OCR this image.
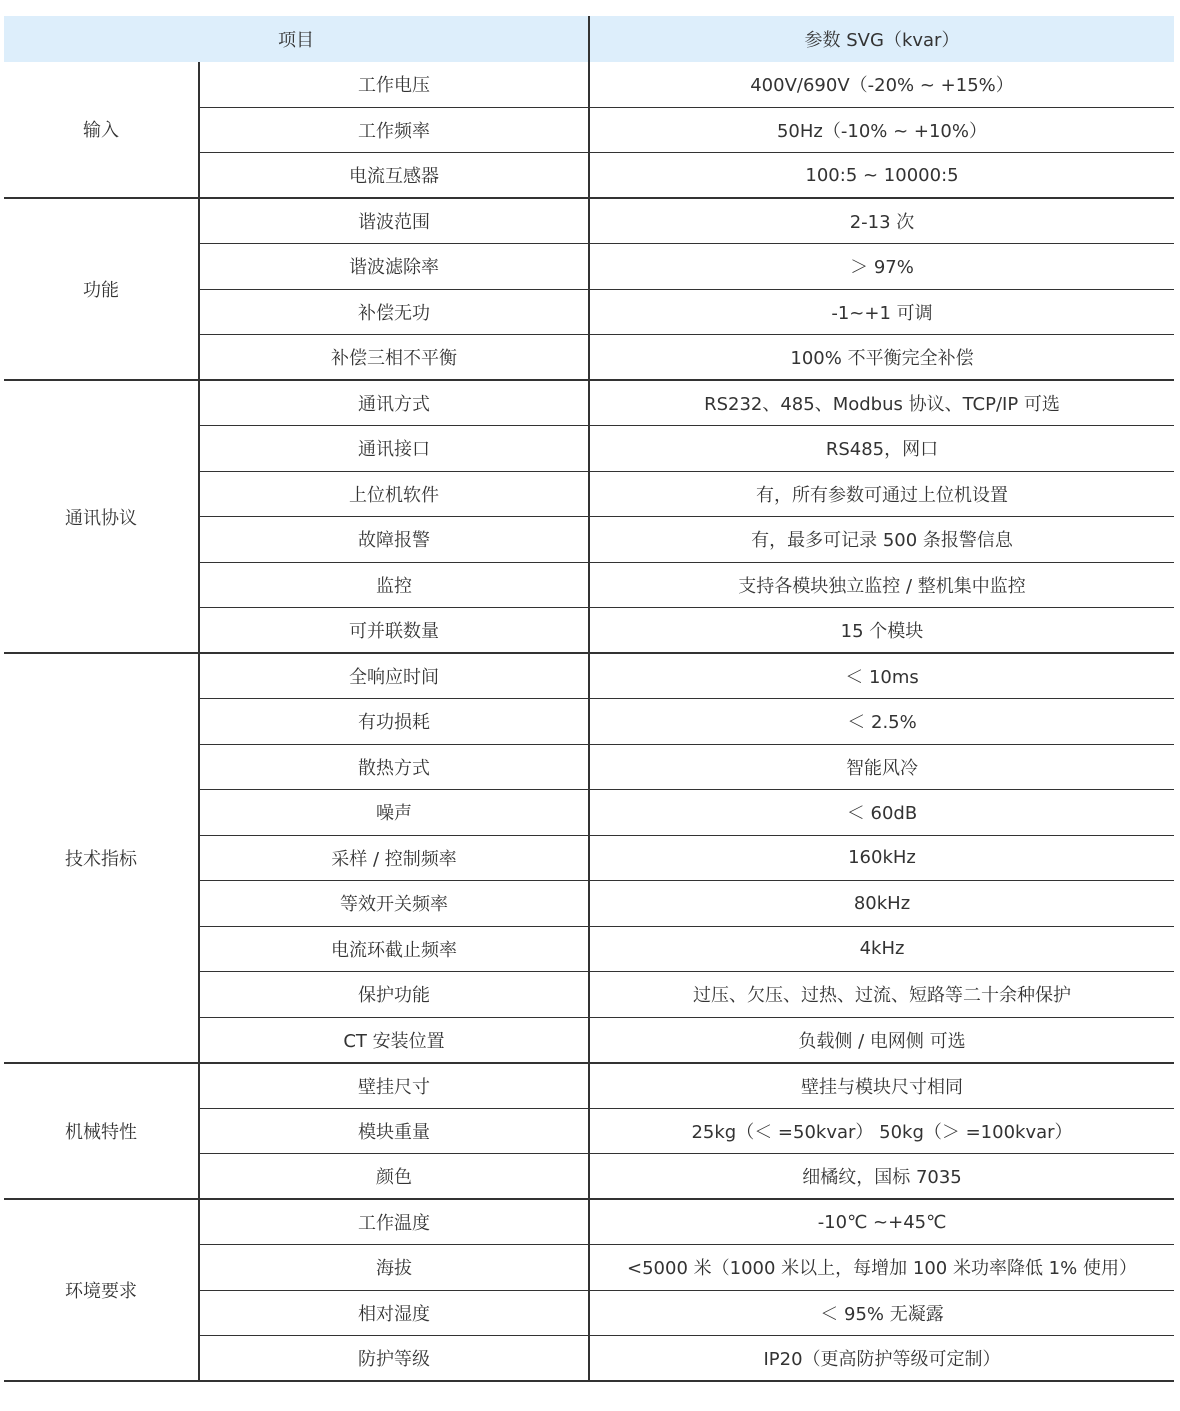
项目		参数 SVG（kvar）
输入	工作电压	400V/690V（-20% ~ +15%）
	工作频率	50Hz（-10% ~ +10%）
	电流互感器	100:5 ~ 10000:5
功能	谐波范围	2-13 次
	谐波滤除率	＞ 97%
	补偿无功	-1~+1 可调
	补偿三相不平衡	100% 不平衡完全补偿
通讯协议	通讯方式	RS232、485、Modbus 协议、TCP/IP 可选
	通讯接口	RS485，网口
	上位机软件	有，所有参数可通过上位机设置
	故障报警	有，最多可记录 500 条报警信息
	监控	支持各模块独立监控 / 整机集中监控
	可并联数量	15 个模块
技术指标	全响应时间	＜ 10ms
	有功损耗	＜ 2.5%
	散热方式	智能风冷
	噪声	＜ 60dB
	采样 / 控制频率	160kHz
	等效开关频率	80kHz
	电流环截止频率	4kHz
	保护功能	过压、欠压、过热、过流、短路等二十余种保护
	CT 安装位置	负载侧 / 电网侧 可选
机械特性	壁挂尺寸	壁挂与模块尺寸相同
	模块重量	25kg（＜ =50kvar） 50kg（＞ =100kvar）
	颜色	细橘纹，国标 7035
环境要求	工作温度	-10℃ ~+45℃
	海拔	<5000 米（1000 米以上，每增加 100 米功率降低 1% 使用）
	相对湿度	＜ 95% 无凝露
	防护等级	IP20（更高防护等级可定制）
